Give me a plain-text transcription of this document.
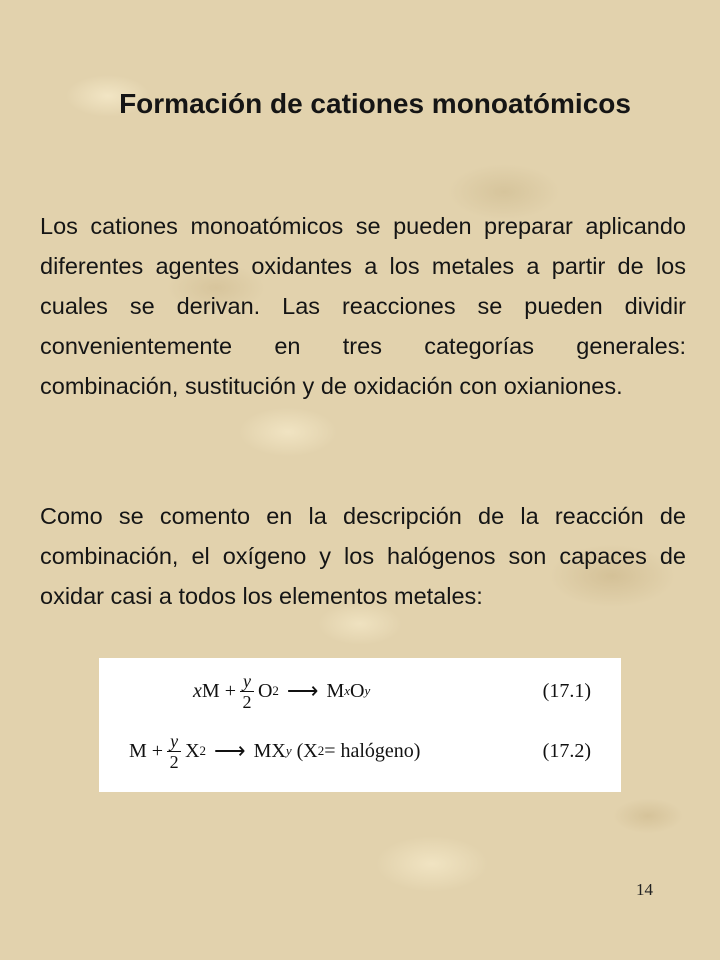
Formación de cationes monoatómicos

Los cationes monoatómicos se pueden preparar aplicando diferentes agentes oxidantes a los metales a partir de los cuales se derivan. Las reacciones se pueden dividir convenientemente en tres categorías generales: combinación, sustitución y de oxidación con oxianiones.

Como se comento en la descripción de la reacción de combinación, el oxígeno y los halógenos son capaces de oxidar casi a todos los elementos metales:

x M
+ $\frac{y}{2}$ O 2 ⟶ M x O y	(17.1)
M
+ $\frac{y}{2}$ X 2 ⟶ MX y
(X 2 = halógeno)	(17.2)
14
